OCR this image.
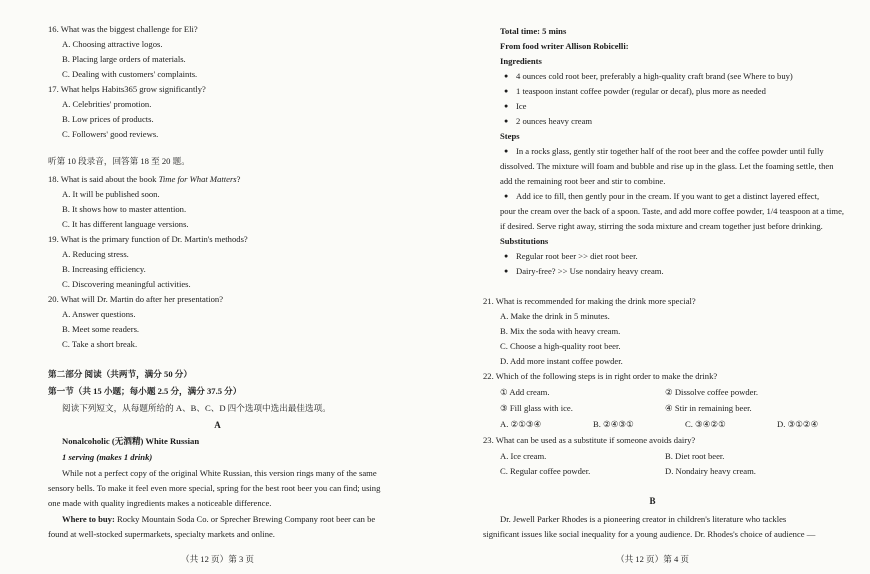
16. What was the biggest challenge for Eli?
A. Choosing attractive logos.
B. Placing large orders of materials.
C. Dealing with customers' complaints.
17. What helps Habits365 grow significantly?
A. Celebrities' promotion.
B. Low prices of products.
C. Followers' good reviews.
听第 10 段录音，回答第 18 至 20 题。
18. What is said about the book Time for What Matters?
A. It will be published soon.
B. It shows how to master attention.
C. It has different language versions.
19. What is the primary function of Dr. Martin's methods?
A. Reducing stress.
B. Increasing efficiency.
C. Discovering meaningful activities.
20. What will Dr. Martin do after her presentation?
A. Answer questions.
B. Meet some readers.
C. Take a short break.
第二部分 阅读（共两节，满分 50 分）
第一节（共 15 小题；每小题 2.5 分，满分 37.5 分）
阅读下列短文，从每题所给的 A、B、C、D 四个选项中选出最佳选项。
A
Nonalcoholic (无酒精) White Russian
1 serving (makes 1 drink)
While not a perfect copy of the original White Russian, this version rings many of the same
sensory bells. To make it feel even more special, spring for the best root beer you can find; using
one made with quality ingredients makes a noticeable difference.
Where to buy: Rocky Mountain Soda Co. or Sprecher Brewing Company root beer can be
found at well-stocked supermarkets, specialty markets and online.
（共 12 页）第 3 页
Total time: 5 mins
From food writer Allison Robicelli:
Ingredients
● 4 ounces cold root beer, preferably a high-quality craft brand (see Where to buy)
● 1 teaspoon instant coffee powder (regular or decaf), plus more as needed
● Ice
● 2 ounces heavy cream
Steps
● In a rocks glass, gently stir together half of the root beer and the coffee powder until fully
dissolved. The mixture will foam and bubble and rise up in the glass. Let the foaming settle, then
add the remaining root beer and stir to combine.
● Add ice to fill, then gently pour in the cream. If you want to get a distinct layered effect,
pour the cream over the back of a spoon. Taste, and add more coffee powder, 1/4 teaspoon at a time,
if desired. Serve right away, stirring the soda mixture and cream together just before drinking.
Substitutions
● Regular root beer >> diet root beer.
● Dairy-free? >> Use nondairy heavy cream.
21. What is recommended for making the drink more special?
A. Make the drink in 5 minutes.
B. Mix the soda with heavy cream.
C. Choose a high-quality root beer.
D. Add more instant coffee powder.
22. Which of the following steps is in right order to make the drink?
① Add cream.	② Dissolve coffee powder.
③ Fill glass with ice.	④ Stir in remaining beer.
A. ②①③④	B. ②④③①	C. ③④②①	D. ③①②④
23. What can be used as a substitute if someone avoids dairy?
A. Ice cream.	B. Diet root beer.
C. Regular coffee powder.	D. Nondairy heavy cream.
B
Dr. Jewell Parker Rhodes is a pioneering creator in children's literature who tackles
significant issues like social inequality for a young audience. Dr. Rhodes's choice of audience —
（共 12 页）第 4 页
